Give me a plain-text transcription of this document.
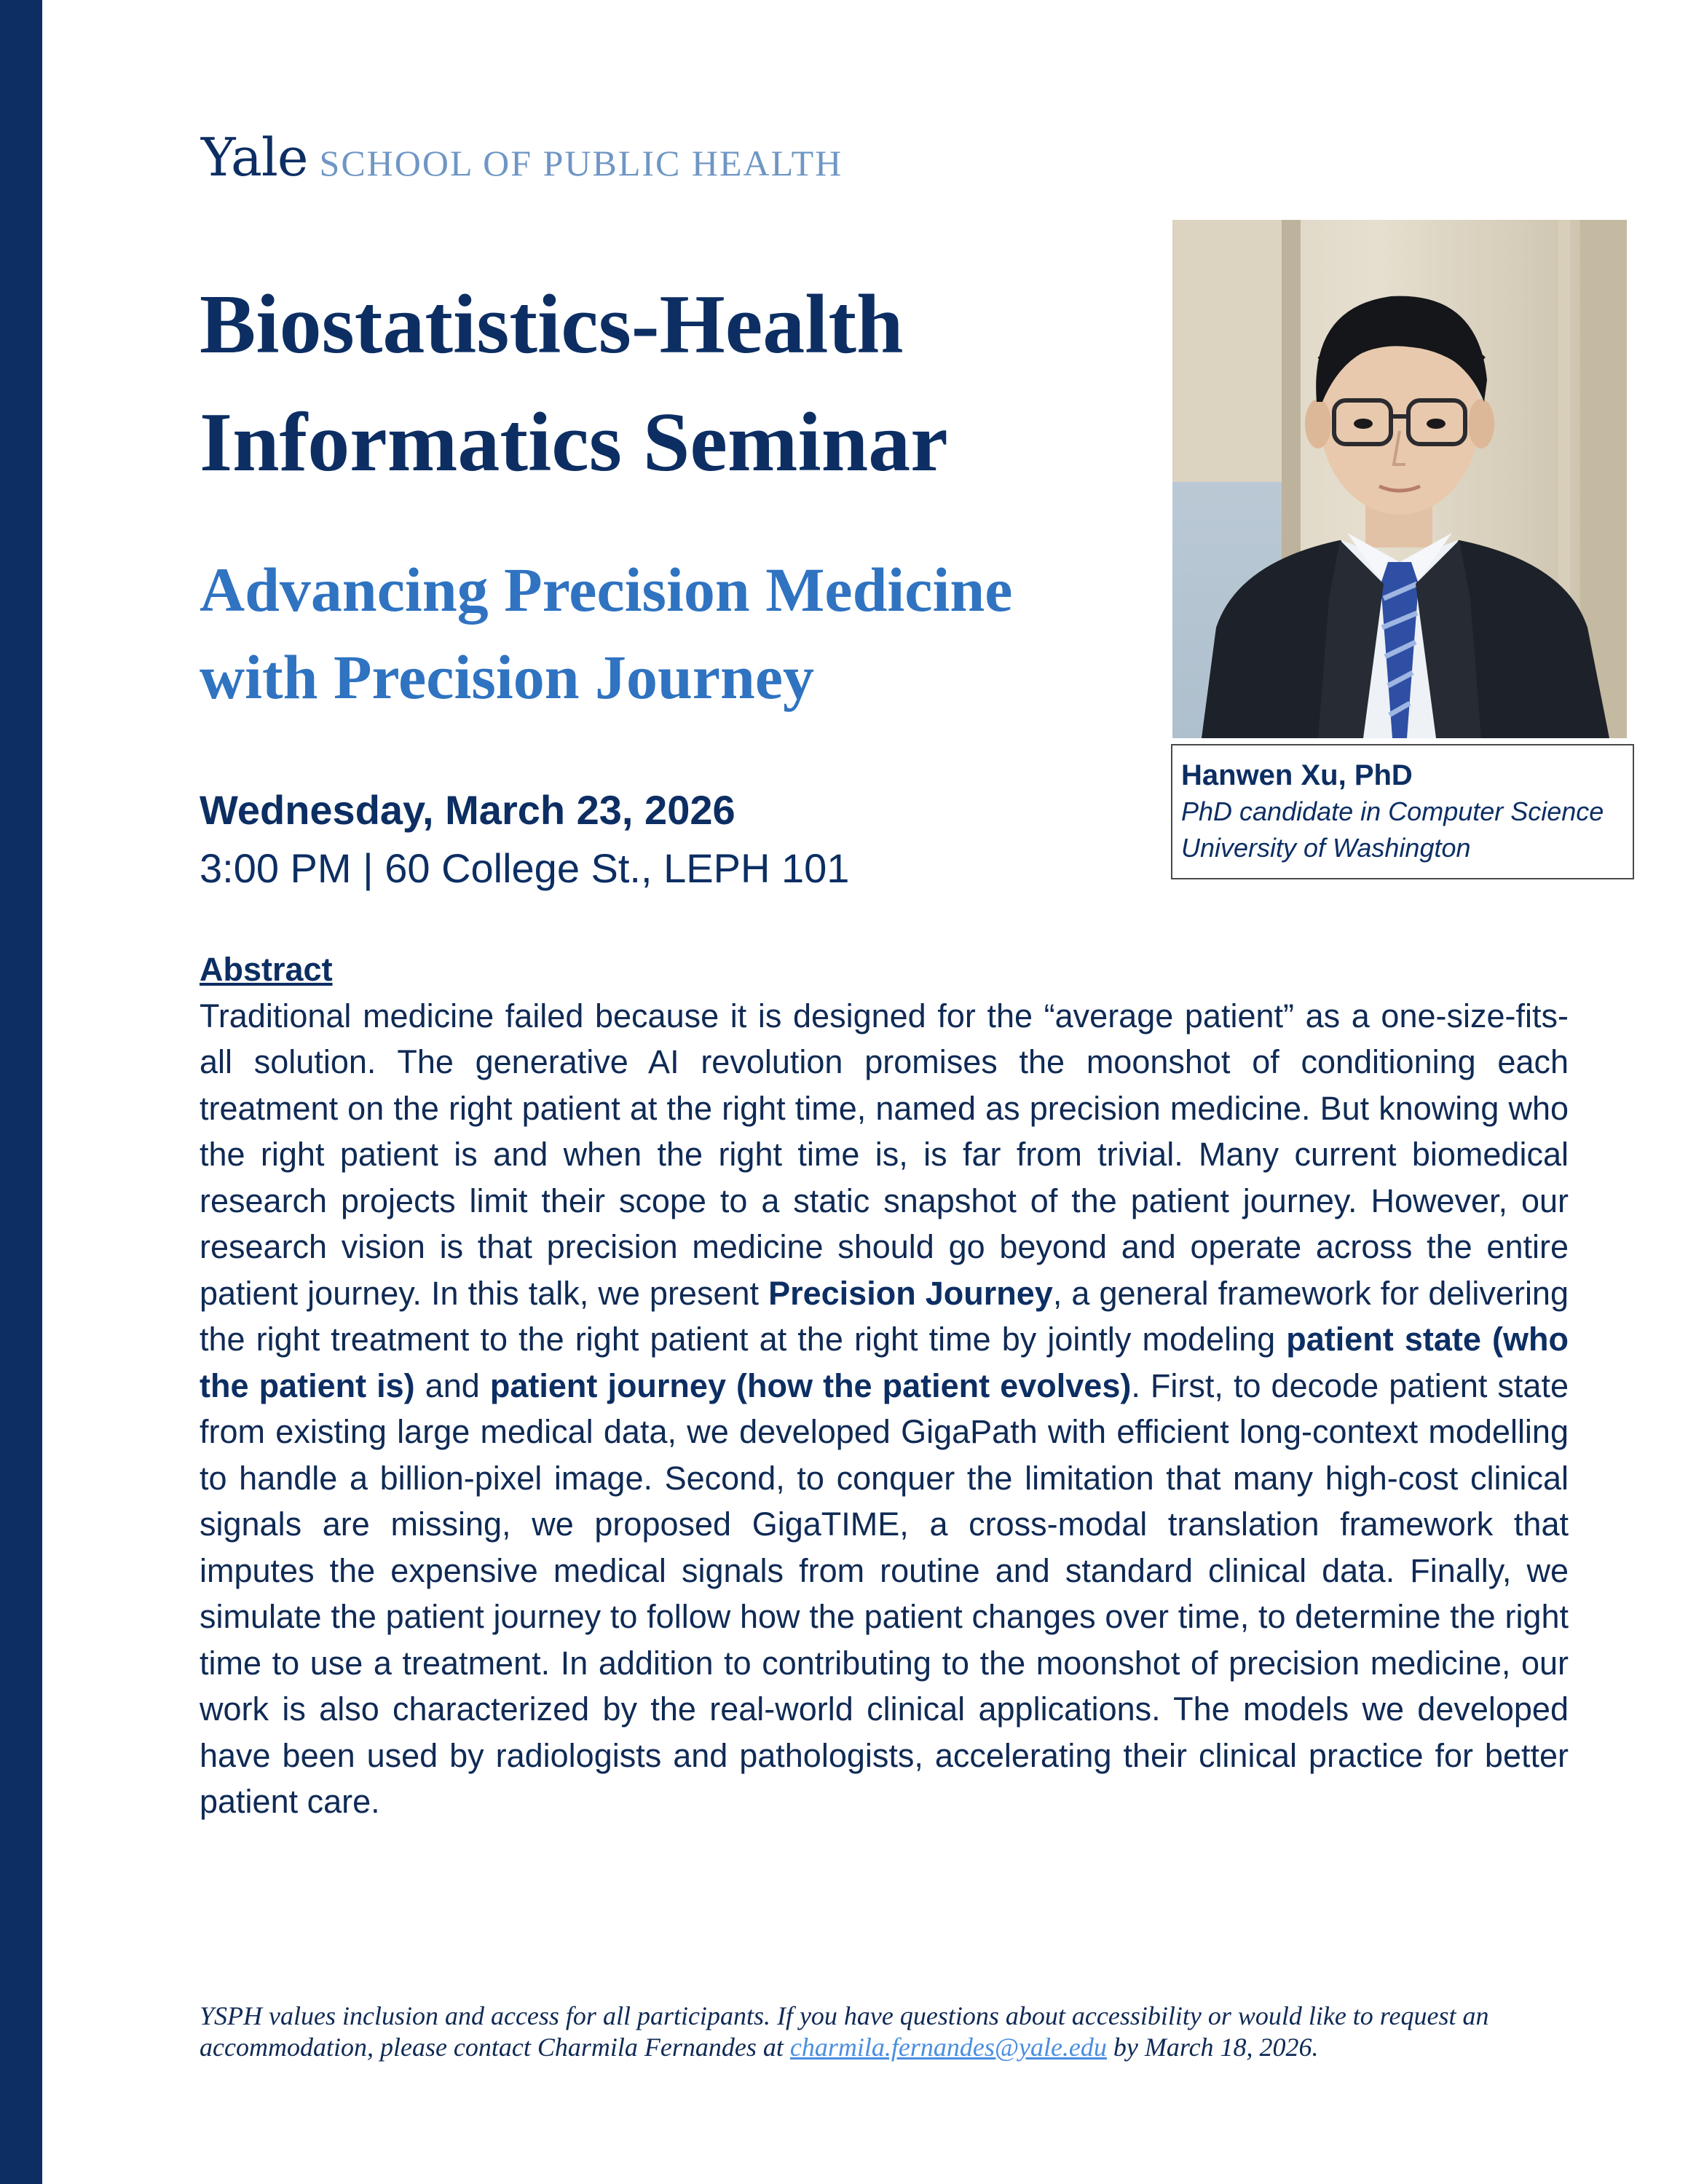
Yale SCHOOL OF PUBLIC HEALTH
Biostatistics-Health Informatics Seminar
Advancing Precision Medicine with Precision Journey
Wednesday, March 23, 2026
3:00 PM | 60 College St., LEPH 101
Hanwen Xu, PhD
PhD candidate in Computer Science
University of Washington
Abstract
Traditional medicine failed because it is designed for the “average patient” as a one-size-fits-all solution. The generative AI revolution promises the moonshot of conditioning each treatment on the right patient at the right time, named as precision medicine. But knowing who the right patient is and when the right time is, is far from trivial. Many current biomedical research projects limit their scope to a static snapshot of the patient journey. However, our research vision is that precision medicine should go beyond and operate across the entire patient journey. In this talk, we present Precision Journey, a general framework for delivering the right treatment to the right patient at the right time by jointly modeling patient state (who the patient is) and patient journey (how the patient evolves). First, to decode patient state from existing large medical data, we developed GigaPath with efficient long-context modelling to handle a billion-pixel image. Second, to conquer the limitation that many high-cost clinical signals are missing, we proposed GigaTIME, a cross-modal translation framework that imputes the expensive medical signals from routine and standard clinical data. Finally, we simulate the patient journey to follow how the patient changes over time, to determine the right time to use a treatment. In addition to contributing to the moonshot of precision medicine, our work is also characterized by the real-world clinical applications. The models we developed have been used by radiologists and pathologists, accelerating their clinical practice for better patient care.
YSPH values inclusion and access for all participants. If you have questions about accessibility or would like to request an accommodation, please contact Charmila Fernandes at charmila.fernandes@yale.edu by March 18, 2026.
